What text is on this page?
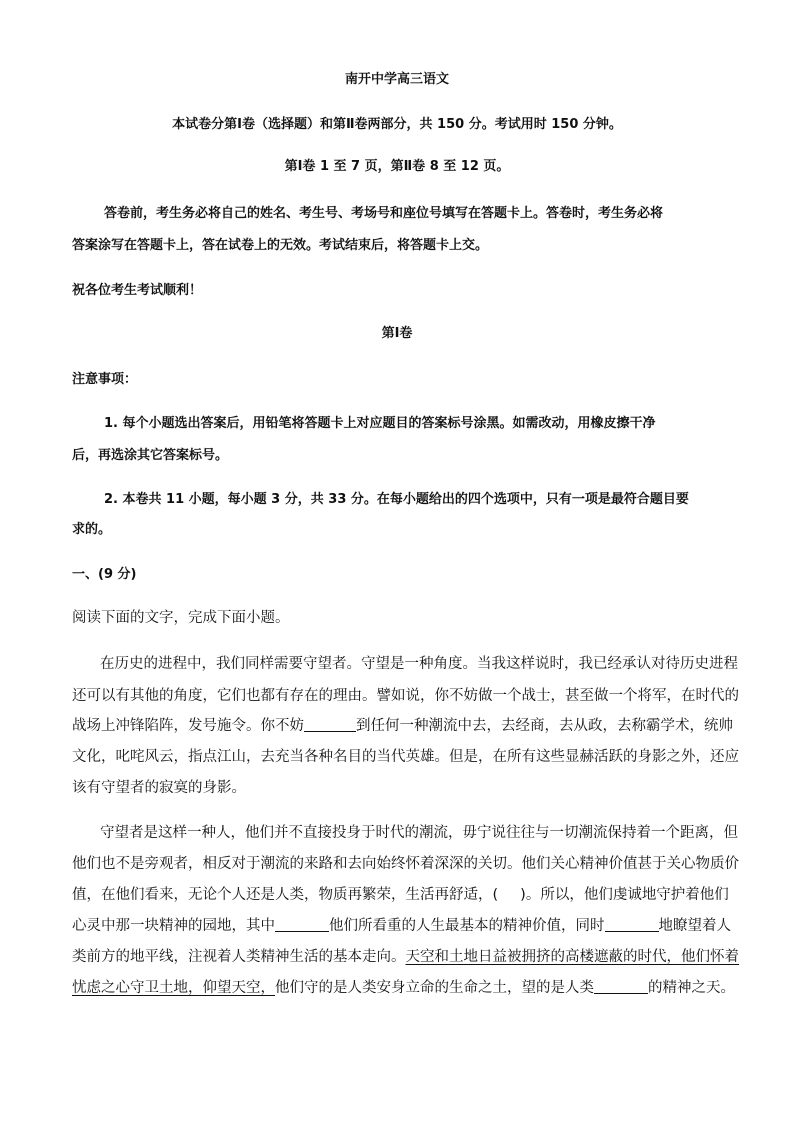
南开中学高三语文
本试卷分第Ⅰ卷（选择题）和第Ⅱ卷两部分，共 150 分。考试用时 150 分钟。
第Ⅰ卷 1 至 7 页，第Ⅱ卷 8 至 12 页。
答卷前，考生务必将自己的姓名、考生号、考场号和座位号填写在答题卡上。答卷时，考生务必将
答案涂写在答题卡上，答在试卷上的无效。考试结束后，将答题卡上交。
祝各位考生考试顺利！
第Ⅰ卷
注意事项：
1. 每个小题选出答案后，用铅笔将答题卡上对应题目的答案标号涂黑。如需改动，用橡皮擦干净
后，再选涂其它答案标号。
2. 本卷共 11 小题，每小题 3 分，共 33 分。在每小题给出的四个选项中，只有一项是最符合题目要
求的。
一、(9 分)
阅读下面的文字，完成下面小题。
在历史的进程中，我们同样需要守望者。守望是一种角度。当我这样说时，我已经承认对待历史进程
还可以有其他的角度，它们也都有存在的理由。譬如说，你不妨做一个战士，甚至做一个将军，在时代的
战场上冲锋陷阵，发号施令。你不妨	到任何一种潮流中去，去经商，去从政，去称霸学术，统帅
文化，叱咤风云，指点江山，去充当各种名目的当代英雄。但是，在所有这些显赫活跃的身影之外，还应
该有守望者的寂寞的身影。
守望者是这样一种人，他们并不直接投身于时代的潮流，毋宁说往往与一切潮流保持着一个距离，但
他们也不是旁观者，相反对于潮流的来路和去向始终怀着深深的关切。他们关心精神价值甚于关心物质价
值，在他们看来，无论个人还是人类，物质再繁荣，生活再舒适，( )。所以，他们虔诚地守护着他们
心灵中那一块精神的园地，其中	他们所看重的人生最基本的精神价值，同时	地瞭望着人
类前方的地平线，注视着人类精神生活的基本走向。天空和土地日益被拥挤的高楼遮蔽的时代，他们怀着
忧虑之心守卫土地，仰望天空，他们守的是人类安身立命的生命之土，望的是人类	的精神之天。
